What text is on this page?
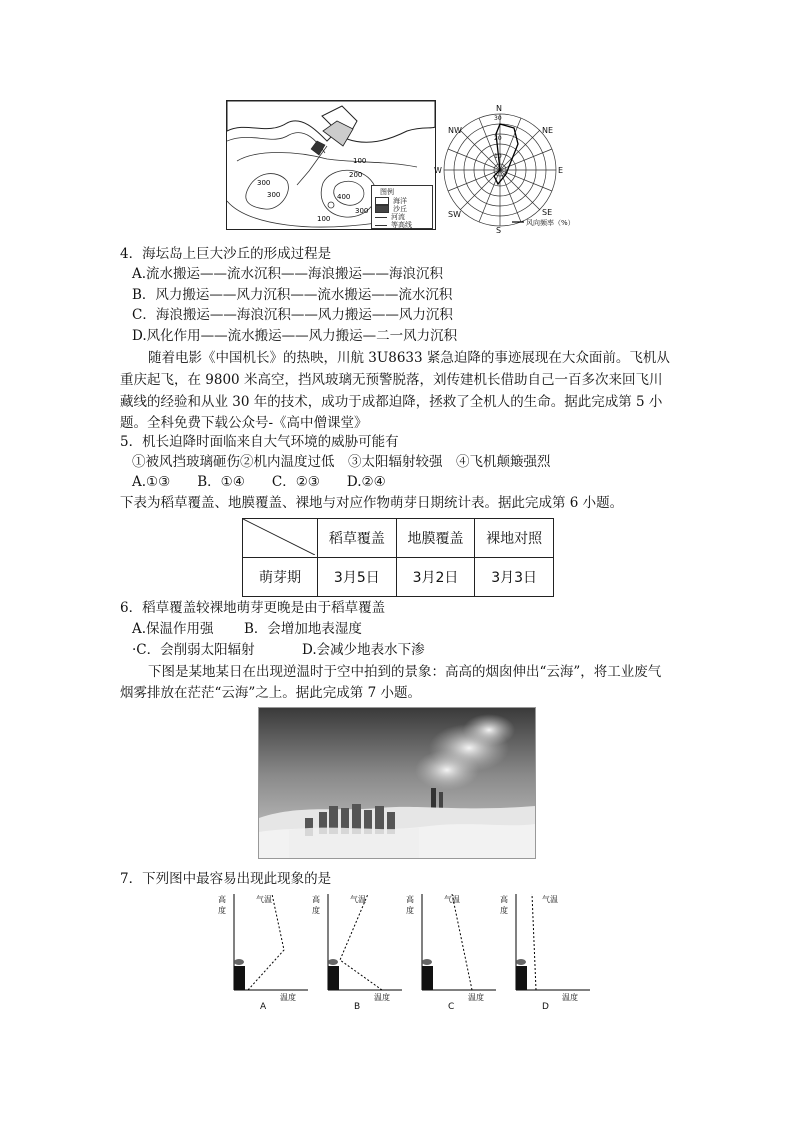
100
300
300
200
400
100
300
图例
海洋
沙丘
河流
等高线
N
NE
E
SE
S
SW
W
NW
30
20
10
风向频率（%）
4．海坛岛上巨大沙丘的形成过程是
A.流水搬运——流水沉积——海浪搬运——海浪沉积
B．风力搬运——风力沉积——流水搬运——流水沉积
C．海浪搬运——海浪沉积——风力搬运——风力沉积
D.风化作用——流水搬运——风力搬运—二一风力沉积
随着电影《中国机长》的热映，川航 3U8633 紧急迫降的事迹展现在大众面前。飞机从
重庆起飞，在 9800 米高空，挡风玻璃无预警脱落，刘传建机长借助自己一百多次来回飞川
藏线的经验和从业 30 年的技术，成功于成都迫降，拯救了全机人的生命。据此完成第 5 小
题。全科免费下载公众号-《高中僧课堂》
5．机长迫降时面临来自大气环境的威胁可能有
①被风挡玻璃砸伤②机内温度过低　③太阳辐射较强　④飞机颠簸强烈
A.①③　　B．①④　　C．②③　　D.②④
下表为稻草覆盖、地膜覆盖、裸地与对应作物萌芽日期统计表。据此完成第 6 小题。
	稻草覆盖	地膜覆盖	裸地对照
萌芽期	3月5日	3月2日	3月3日
6．稻草覆盖较裸地萌芽更晚是由于稻草覆盖
A.保温作用强 B．会增加地表湿度
·C．会削弱太阳辐射	D.会减少地表水下渗
下图是某地某日在出现逆温时于空中拍到的景象：高高的烟囱伸出“云海”，将工业废气
烟雾排放在茫茫“云海”之上。据此完成第 7 小题。
7．下列图中最容易出现此现象的是
高度
气温
温度
A
高度
气温
温度
B
高度
气温
温度
C
高度
气温
温度
D
